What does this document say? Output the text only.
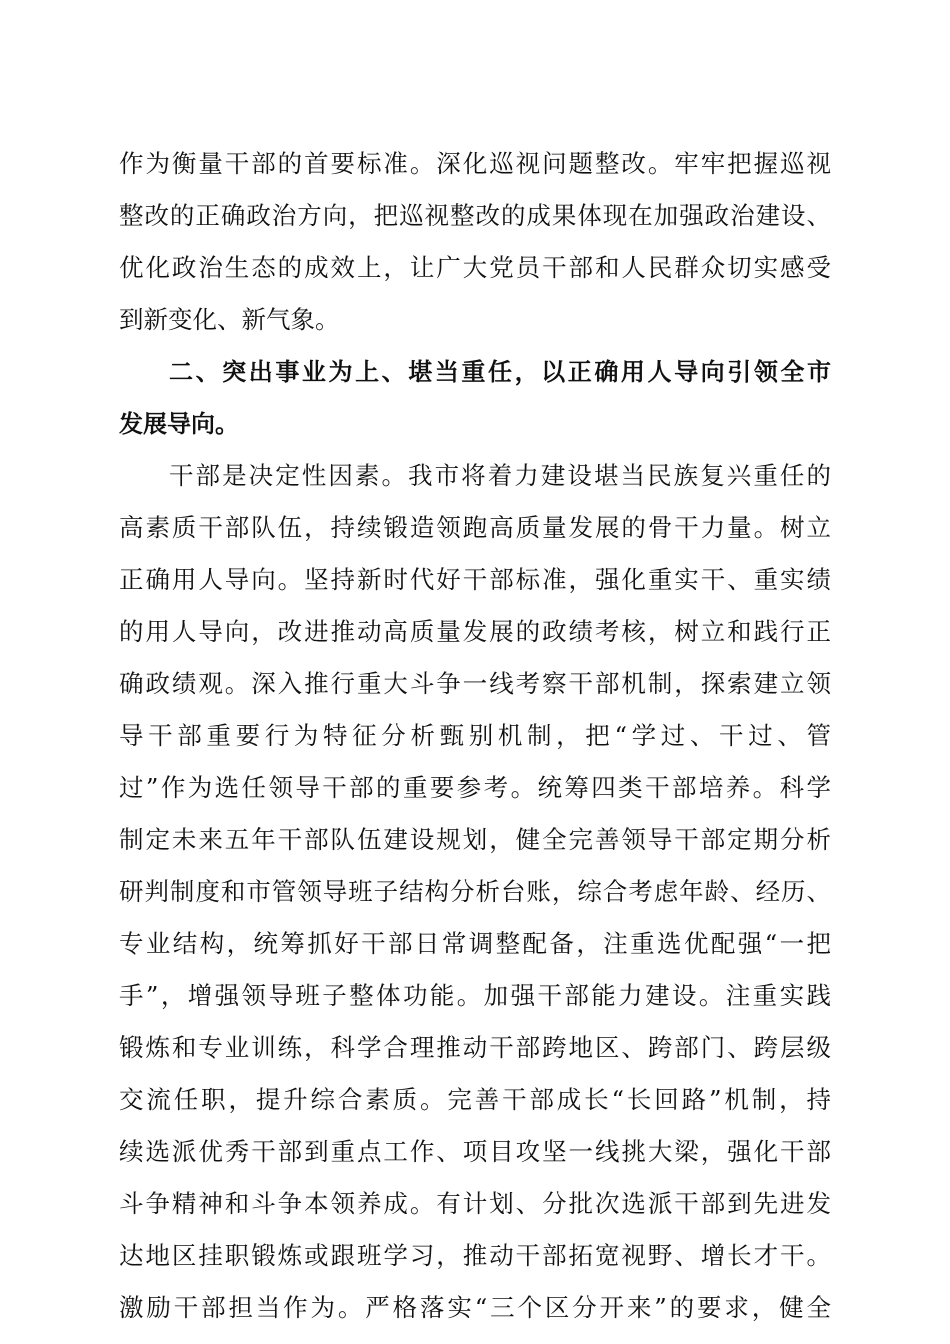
作为衡量干部的首要标准。深化巡视问题整改。牢牢把握巡视
整改的正确政治方向，把巡视整改的成果体现在加强政治建设、
优化政治生态的成效上，让广大党员干部和人民群众切实感受
到新变化、新气象。
二、突出事业为上、堪当重任，以正确用人导向引领全市
发展导向。
干部是决定性因素。我市将着力建设堪当民族复兴重任的
高素质干部队伍，持续锻造领跑高质量发展的骨干力量。树立
正确用人导向。坚持新时代好干部标准，强化重实干、重实绩
的用人导向，改进推动高质量发展的政绩考核，树立和践行正
确政绩观。深入推行重大斗争一线考察干部机制，探索建立领
导干部重要行为特征分析甄别机制，把“学过、干过、管
过”作为选任领导干部的重要参考。统筹四类干部培养。科学
制定未来五年干部队伍建设规划，健全完善领导干部定期分析
研判制度和市管领导班子结构分析台账，综合考虑年龄、经历、
专业结构，统筹抓好干部日常调整配备，注重选优配强“一把
手”，增强领导班子整体功能。加强干部能力建设。注重实践
锻炼和专业训练，科学合理推动干部跨地区、跨部门、跨层级
交流任职，提升综合素质。完善干部成长“长回路”机制，持
续选派优秀干部到重点工作、项目攻坚一线挑大梁，强化干部
斗争精神和斗争本领养成。有计划、分批次选派干部到先进发
达地区挂职锻炼或跟班学习，推动干部拓宽视野、增长才干。
激励干部担当作为。严格落实“三个区分开来”的要求，健全
